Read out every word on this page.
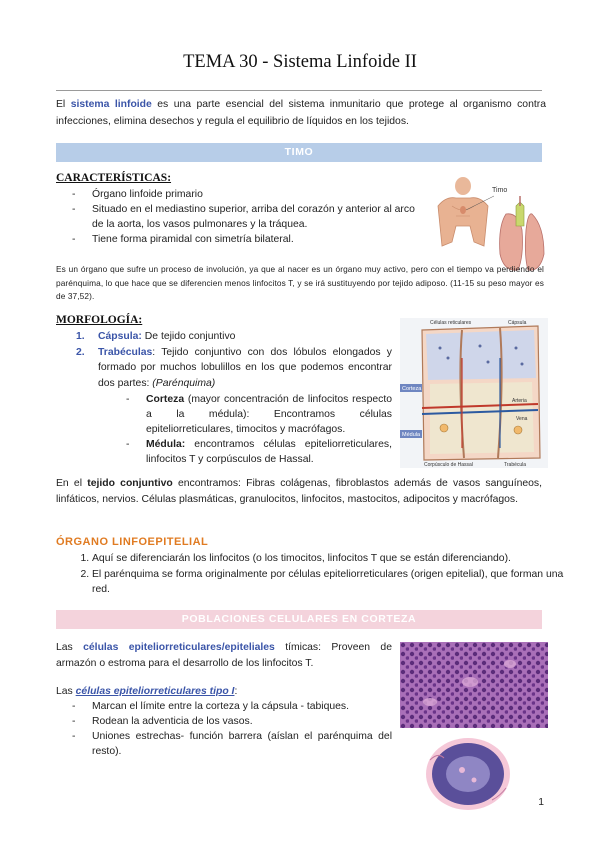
TEMA 30 - Sistema Linfoide II
El sistema linfoide es una parte esencial del sistema inmunitario que protege al organismo contra infecciones, elimina desechos y regula el equilibrio de líquidos en los tejidos.
TIMO
CARACTERÍSTICAS:
- Órgano linfoide primario
- Situado en el mediastino superior, arriba del corazón y anterior al arco de la aorta, los vasos pulmonares y la tráquea.
- Tiene forma piramidal con simetría bilateral.
Timo
Es un órgano que sufre un proceso de involución, ya que al nacer es un órgano muy activo, pero con el tiempo va perdiendo el parénquima, lo que hace que se diferencien menos linfocitos T, y se irá sustituyendo por tejido adiposo. (11-15 su peso mayor es de 37,52).
MORFOLOGÍA:
1. Cápsula: De tejido conjuntivo
2. Trabéculas: Tejido conjuntivo con dos lóbulos elongados y formado por muchos lobulillos en los que podemos encontrar dos partes: (Parénquima)
- Corteza (mayor concentración de linfocitos respecto a la médula): Encontramos células epiteliorreticulares, timocitos y macrófagos.
- Médula: encontramos células epiteliorreticulares, linfocitos T y corpúsculos de Hassal.
Corteza
Médula
Células reticulares	Cápsula
Corpúsculo de Hassal	Trabécula
Arteria
Vena
En el tejido conjuntivo encontramos: Fibras colágenas, fibroblastos además de vasos sanguíneos, linfáticos, nervios. Células plasmáticas, granulocitos, linfocitos, mastocitos, adipocitos y macrófagos.
ÓRGANO LINFOEPITELIAL
1. Aquí se diferenciarán los linfocitos (o los timocitos, linfocitos T que se están diferenciando).
2. El parénquima se forma originalmente por células epiteliorreticulares (origen epitelial), que forman una red.
POBLACIONES CELULARES EN CORTEZA
Las células epiteliorreticulares/epiteliales tímicas: Proveen de armazón o estroma para el desarrollo de los linfocitos T.
Las células epiteliorreticulares tipo I:
- Marcan el límite entre la corteza y la cápsula - tabiques.
- Rodean la adventicia de los vasos.
- Uniones estrechas- función barrera (aíslan el parénquima del resto).
1
